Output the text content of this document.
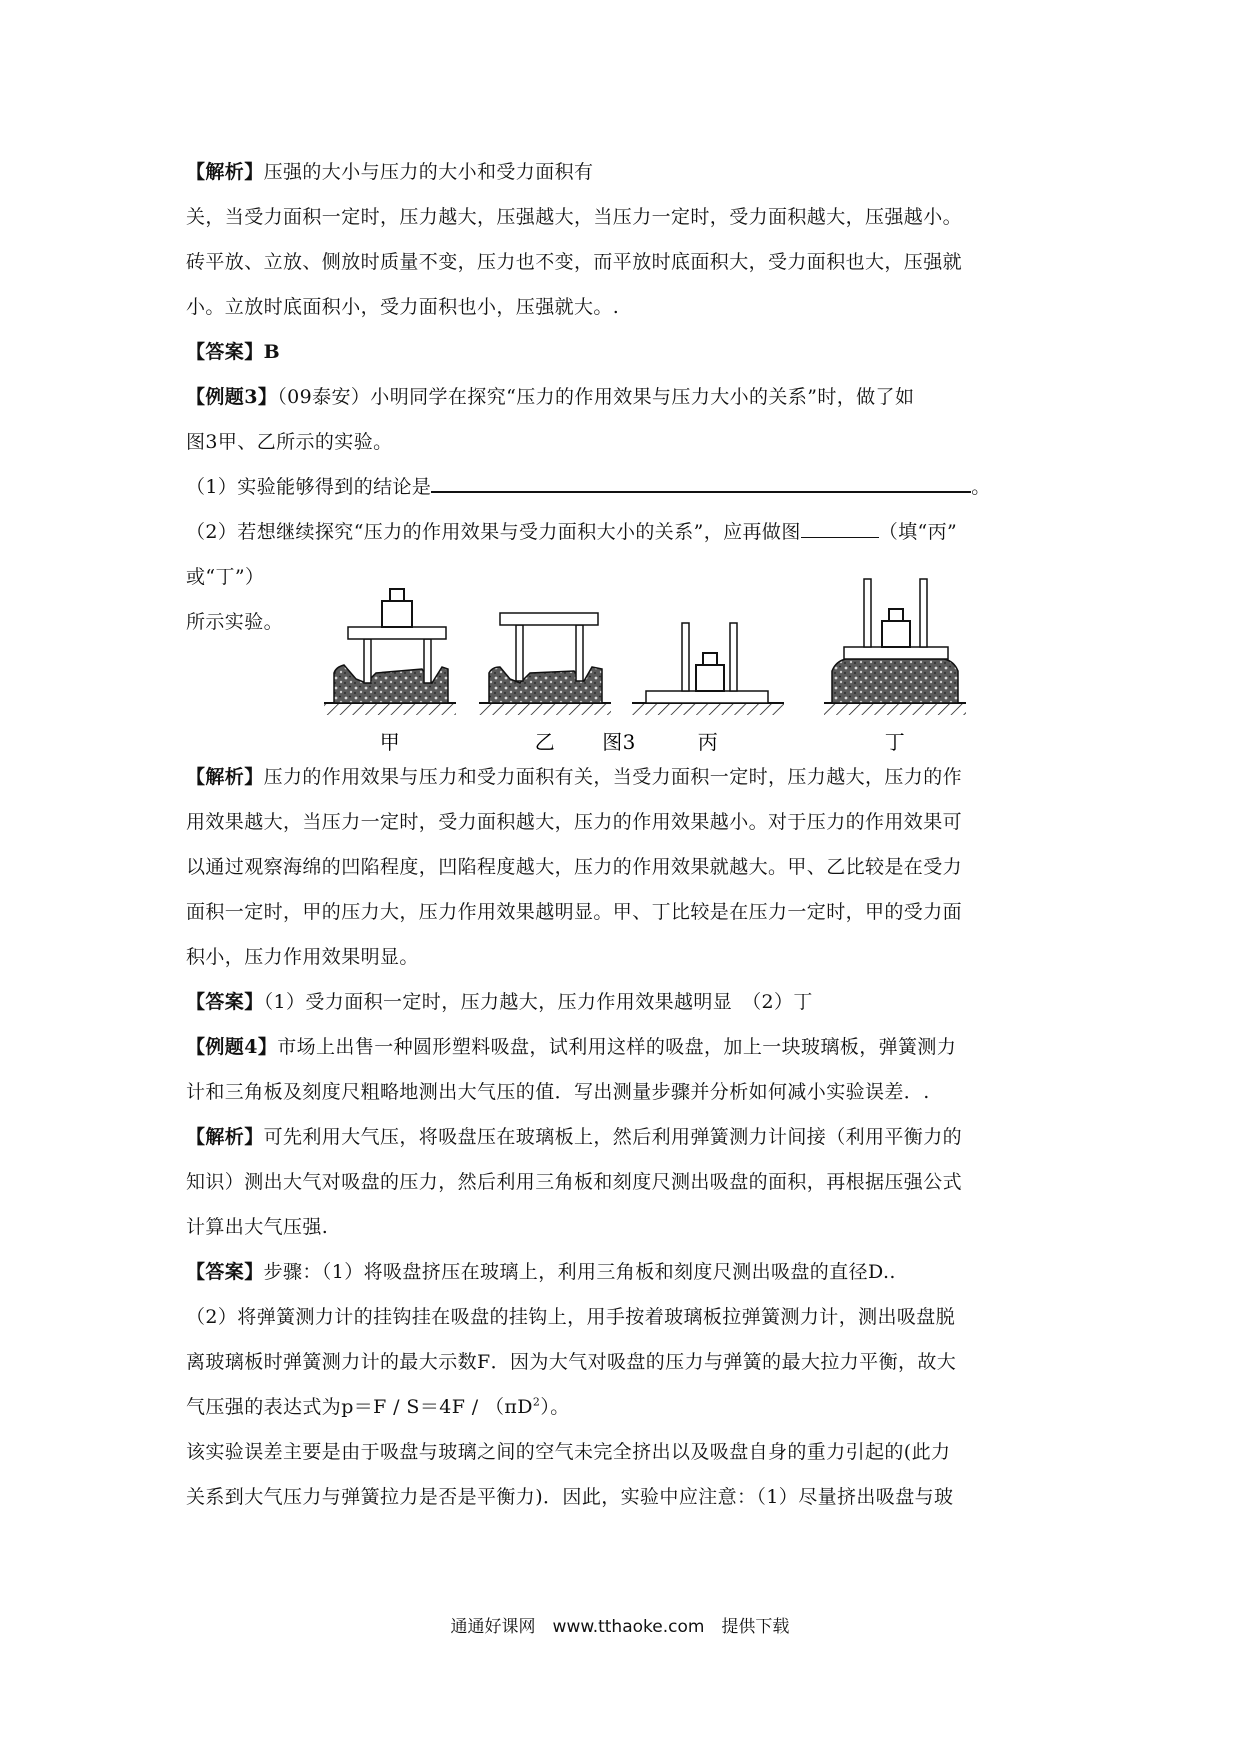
【解析】压强的大小与压力的大小和受力面积有

关，当受力面积一定时，压力越大，压强越大，当压力一定时，受力面积越大，压强越小。

砖平放、立放、侧放时质量不变，压力也不变，而平放时底面积大，受力面积也大，压强就

小。立放时底面积小，受力面积也小，压强就大。.

【答案】B

【例题3】（09泰安）小明同学在探究“压力的作用效果与压力大小的关系”时，做了如

图3甲、乙所示的实验。

（1）实验能够得到的结论是	。

（2）若想继续探究“压力的作用效果与受力面积大小的关系”，应再做图	（填“丙”

或“丁”）
所示实验。
甲	乙 图3	丙	丁

【解析】压力的作用效果与压力和受力面积有关，当受力面积一定时，压力越大，压力的作

用效果越大，当压力一定时，受力面积越大，压力的作用效果越小。对于压力的作用效果可

以通过观察海绵的凹陷程度，凹陷程度越大，压力的作用效果就越大。甲、乙比较是在受力

面积一定时，甲的压力大，压力作用效果越明显。甲、丁比较是在压力一定时，甲的受力面

积小，压力作用效果明显。

【答案】（1）受力面积一定时，压力越大，压力作用效果越明显　（2）丁

【例题4】市场上出售一种圆形塑料吸盘，试利用这样的吸盘，加上一块玻璃板，弹簧测力

计和三角板及刻度尺粗略地测出大气压的值．写出测量步骤并分析如何减小实验误差．.

【解析】可先利用大气压，将吸盘压在玻璃板上，然后利用弹簧测力计间接（利用平衡力的

知识）测出大气对吸盘的压力，然后利用三角板和刻度尺测出吸盘的面积，再根据压强公式

计算出大气压强.

【答案】步骤：（1）将吸盘挤压在玻璃上，利用三角板和刻度尺测出吸盘的直径D..

（2）将弹簧测力计的挂钩挂在吸盘的挂钩上，用手按着玻璃板拉弹簧测力计，测出吸盘脱

离玻璃板时弹簧测力计的最大示数F．因为大气对吸盘的压力与弹簧的最大拉力平衡，故大

气压强的表达式为$p=F / S=4F / (\pi D^2)$。

该实验误差主要是由于吸盘与玻璃之间的空气未完全挤出以及吸盘自身的重力引起的(此力

关系到大气压力与弹簧拉力是否是平衡力)．因此，实验中应注意：（1）尽量挤出吸盘与玻

通通好课网　www.tthaoke.com　提供下载
